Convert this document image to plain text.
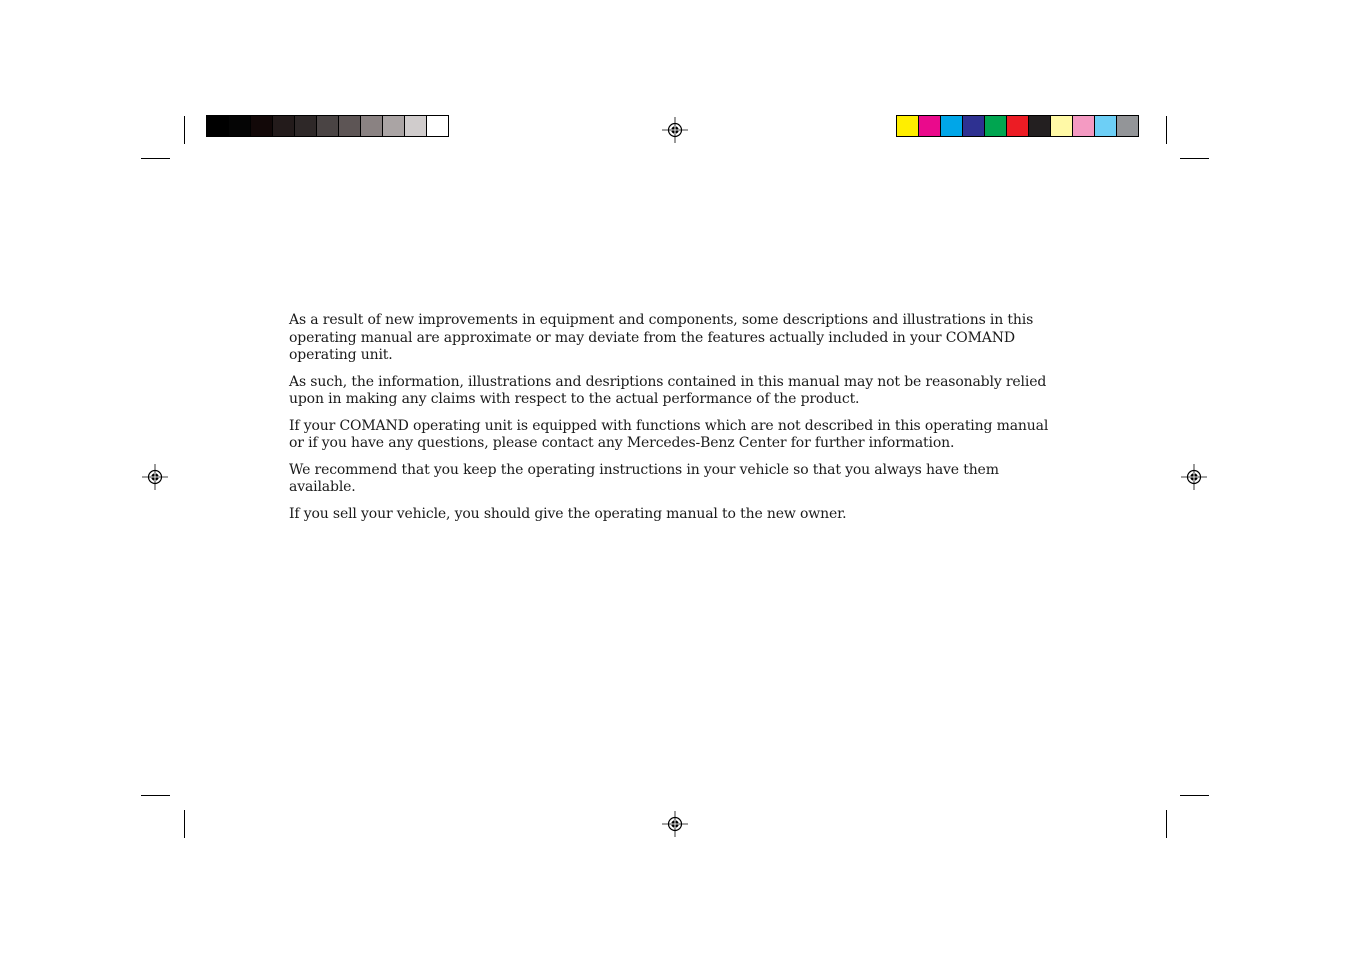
As a result of new improvements in equipment and components, some descriptions and illustrations in this operating manual are approximate or may deviate from the features actually included in your COMAND operating unit.

As such, the information, illustrations and desriptions contained in this manual may not be reasonably relied upon in making any claims with respect to the actual performance of the product.

If your COMAND operating unit is equipped with functions which are not described in this operating manual or if you have any questions, please contact any Mercedes-Benz Center for further information.

We recommend that you keep the operating instructions in your vehicle so that you always have them available.

If you sell your vehicle, you should give the operating manual to the new owner.
